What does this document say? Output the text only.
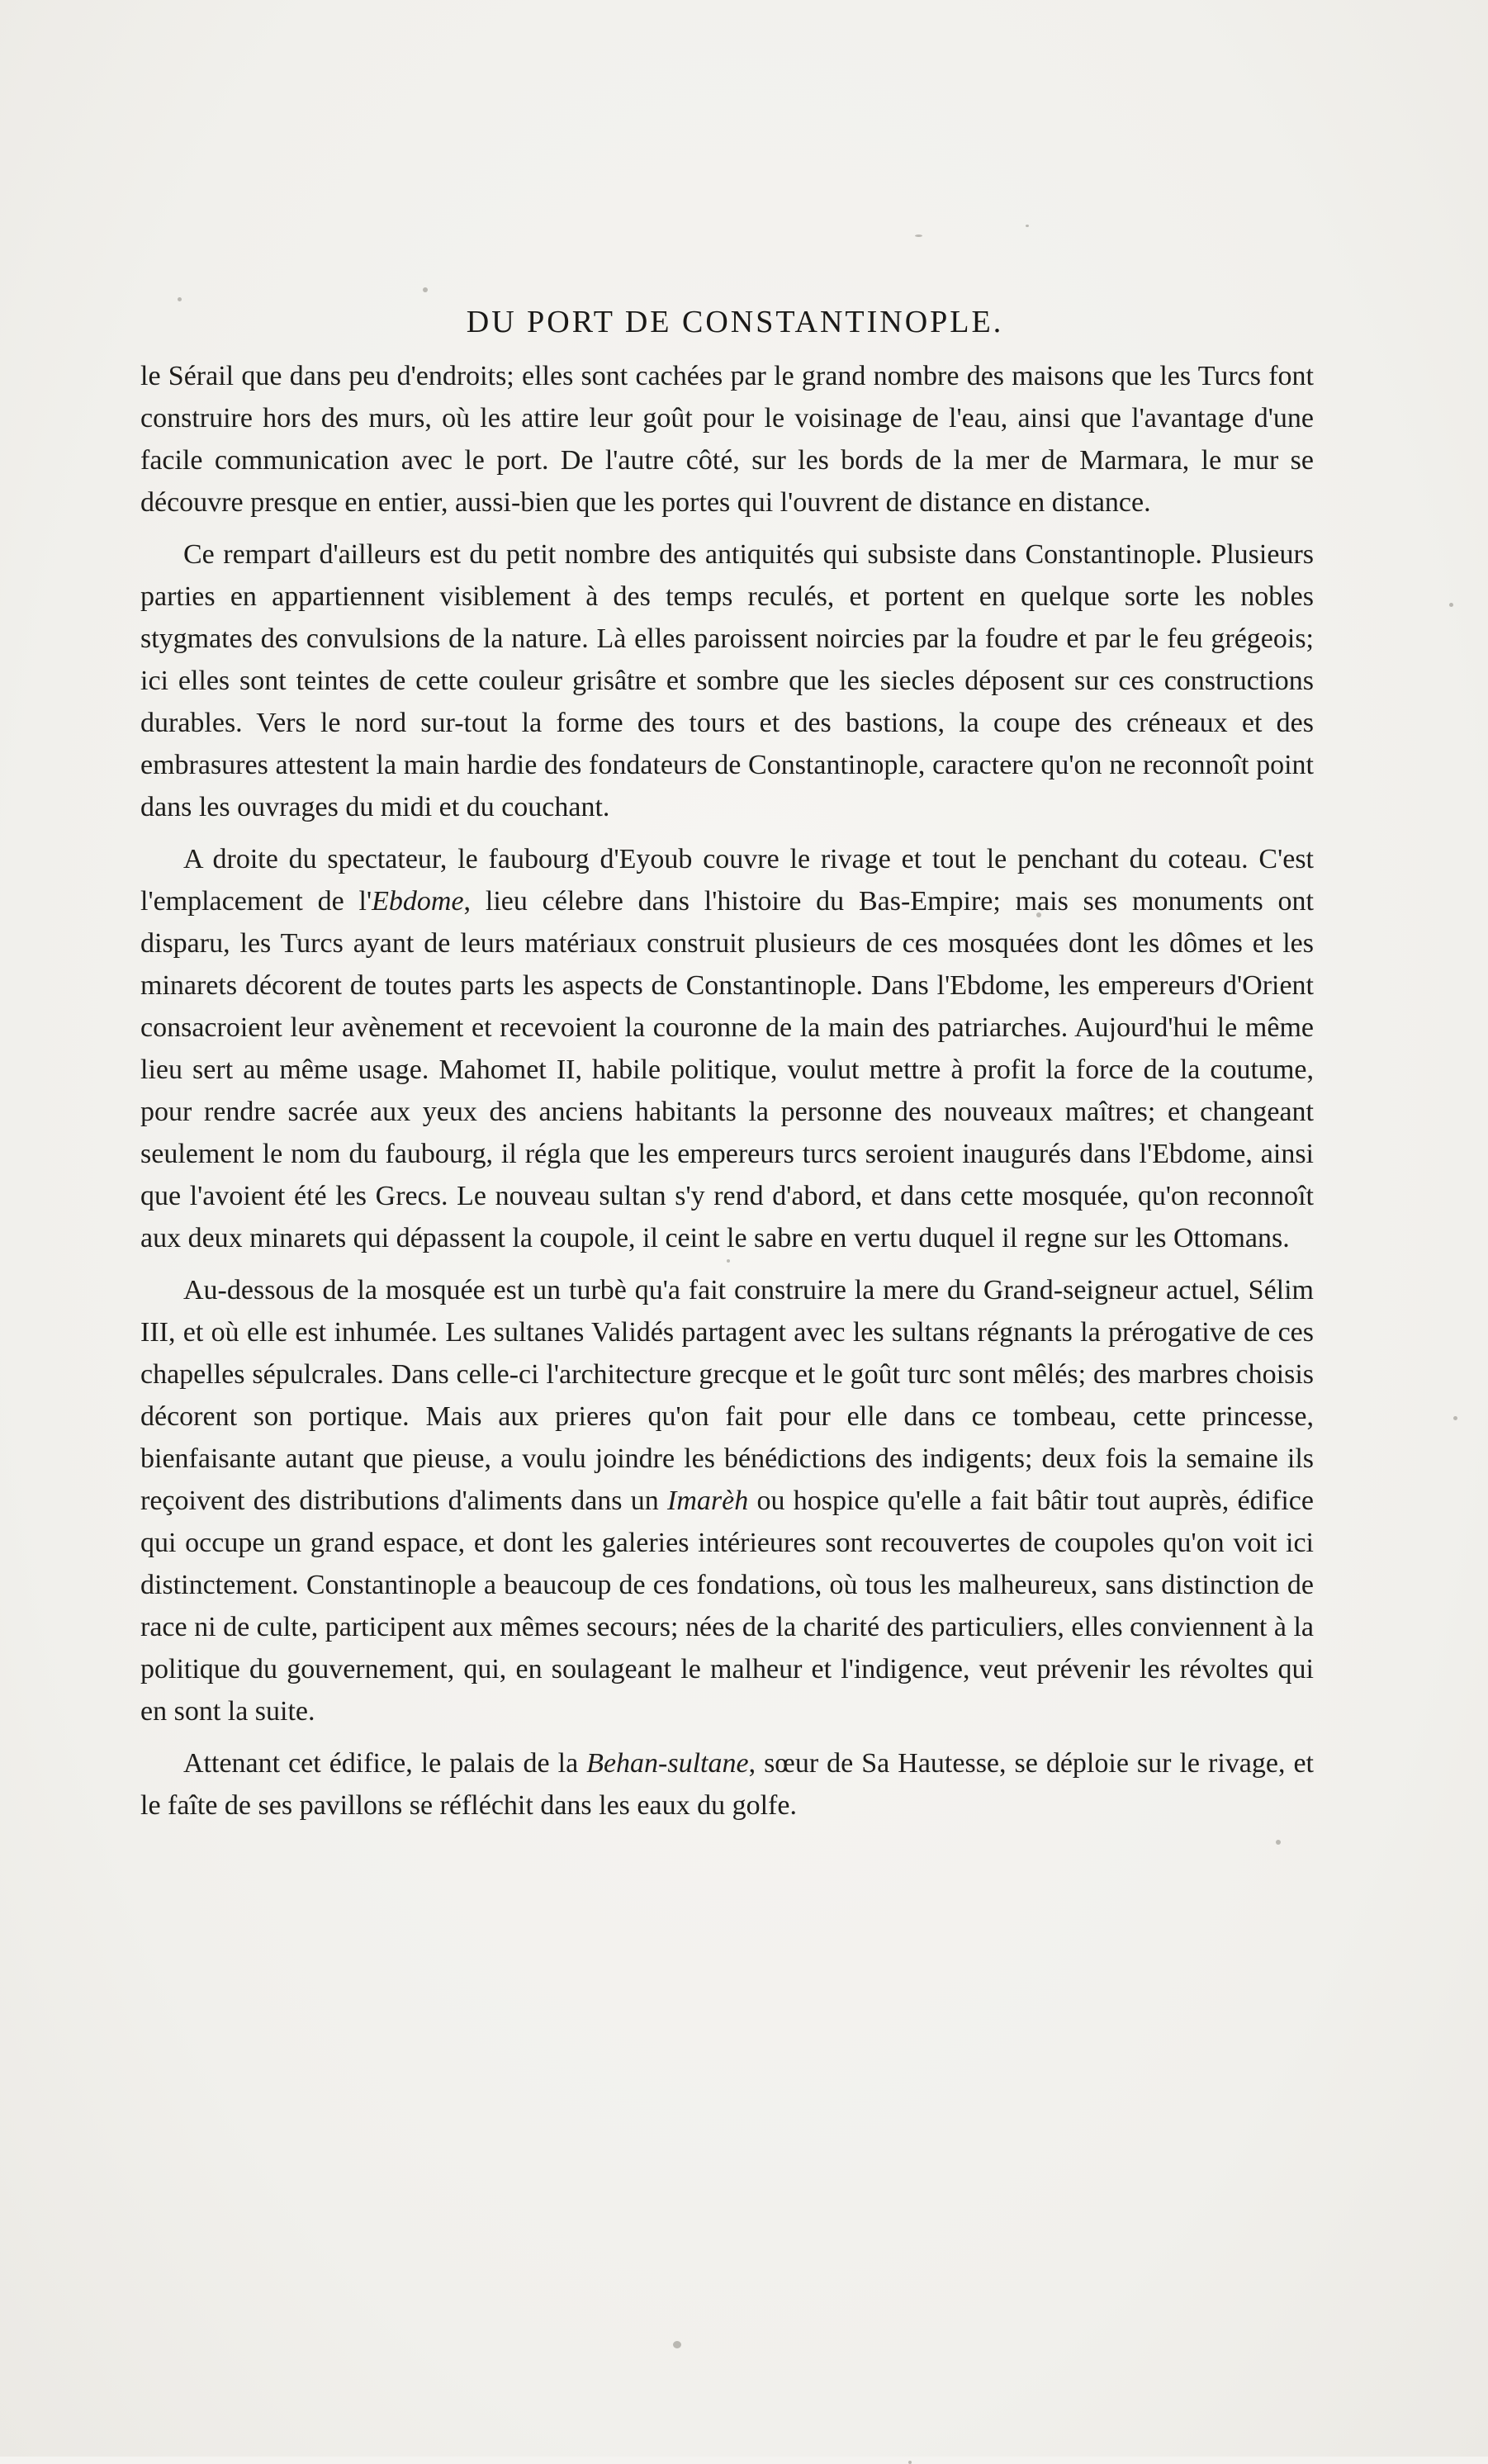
DU PORT DE CONSTANTINOPLE.

le Sérail que dans peu d'endroits; elles sont cachées par le grand nombre des maisons que les Turcs font construire hors des murs, où les attire leur goût pour le voisinage de l'eau, ainsi que l'avantage d'une facile communication avec le port. De l'autre côté, sur les bords de la mer de Marmara, le mur se découvre presque en entier, aussi-bien que les portes qui l'ouvrent de distance en distance.

Ce rempart d'ailleurs est du petit nombre des antiquités qui subsiste dans Constantinople. Plusieurs parties en appartiennent visiblement à des temps reculés, et portent en quelque sorte les nobles stygmates des convulsions de la nature. Là elles paroissent noircies par la foudre et par le feu grégeois; ici elles sont teintes de cette couleur grisâtre et sombre que les siecles déposent sur ces constructions durables. Vers le nord sur-tout la forme des tours et des bastions, la coupe des créneaux et des embrasures attestent la main hardie des fondateurs de Constantinople, caractere qu'on ne reconnoît point dans les ouvrages du midi et du couchant.

A droite du spectateur, le faubourg d'Eyoub couvre le rivage et tout le penchant du coteau. C'est l'emplacement de l'Ebdome, lieu célebre dans l'histoire du Bas-Empire; mais ses monuments ont disparu, les Turcs ayant de leurs matériaux construit plusieurs de ces mosquées dont les dômes et les minarets décorent de toutes parts les aspects de Constantinople. Dans l'Ebdome, les empereurs d'Orient consacroient leur avènement et recevoient la couronne de la main des patriarches. Aujourd'hui le même lieu sert au même usage. Mahomet II, habile politique, voulut mettre à profit la force de la coutume, pour rendre sacrée aux yeux des anciens habitants la personne des nouveaux maîtres; et changeant seulement le nom du faubourg, il régla que les empereurs turcs seroient inaugurés dans l'Ebdome, ainsi que l'avoient été les Grecs. Le nouveau sultan s'y rend d'abord, et dans cette mosquée, qu'on reconnoît aux deux minarets qui dépassent la coupole, il ceint le sabre en vertu duquel il regne sur les Ottomans.

Au-dessous de la mosquée est un turbè qu'a fait construire la mere du Grand-seigneur actuel, Sélim III, et où elle est inhumée. Les sultanes Validés partagent avec les sultans régnants la prérogative de ces chapelles sépulcrales. Dans celle-ci l'architecture grecque et le goût turc sont mêlés; des marbres choisis décorent son portique. Mais aux prieres qu'on fait pour elle dans ce tombeau, cette princesse, bienfaisante autant que pieuse, a voulu joindre les bénédictions des indigents; deux fois la semaine ils reçoivent des distributions d'aliments dans un Imarèh ou hospice qu'elle a fait bâtir tout auprès, édifice qui occupe un grand espace, et dont les galeries intérieures sont recouvertes de coupoles qu'on voit ici distinctement. Constantinople a beaucoup de ces fondations, où tous les malheureux, sans distinction de race ni de culte, participent aux mêmes secours; nées de la charité des particuliers, elles conviennent à la politique du gouvernement, qui, en soulageant le malheur et l'indigence, veut prévenir les révoltes qui en sont la suite.

Attenant cet édifice, le palais de la Behan-sultane, sœur de Sa Hautesse, se déploie sur le rivage, et le faîte de ses pavillons se réfléchit dans les eaux du golfe.
